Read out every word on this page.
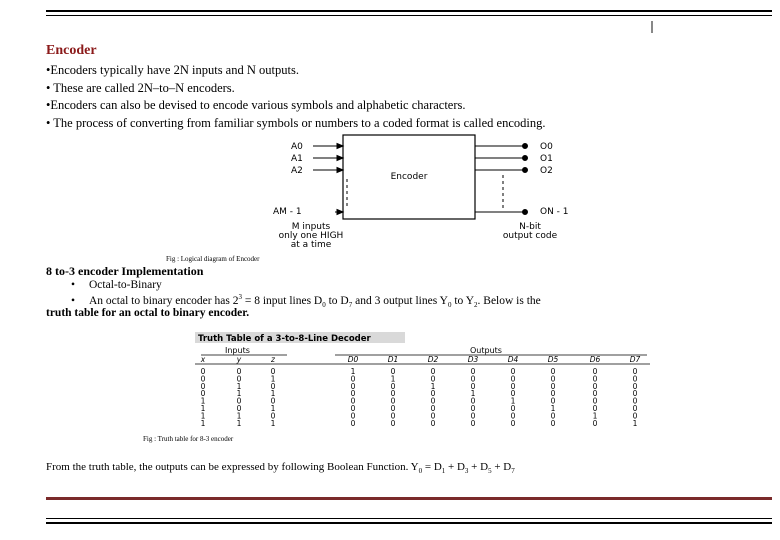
Encoder
•Encoders typically have 2N inputs and N outputs.
• These are called 2N–to–N encoders.
•Encoders can also be devised to encode various symbols and alphabetic characters.
• The process of converting from familiar symbols or numbers to a coded format is called encoding.
Encoder
A0
A1
A2
AM - 1
O0
O1
O2
ON - 1
M inputs
only one HIGH
at a time
N-bit
output code
Fig : Logical diagram of Encoder
8 to-3 encoder Implementation
• Octal-to-Binary
• An octal to binary encoder has $2^3 = 8$ input lines $D_0$ to $D_7$ and 3 output lines $Y_0$ to $Y_2$. Below is the
truth table for an octal to binary encoder.
Truth Table of a 3-to-8-Line Decoder
Inputs	Outputs
x	y	z	D0	D1	D2	D3	D4	D5	D6	D7
0	0	0	1	0	0	0	0	0	0	0
0	0	1	0	1	0	0	0	0	0	0
0	1	0	0	0	1	0	0	0	0	0
0	1	1	0	0	0	1	0	0	0	0
1	0	0	0	0	0	0	1	0	0	0
1	0	1	0	0	0	0	0	1	0	0
1	1	0	0	0	0	0	0	0	1	0
1	1	1	0	0	0	0	0	0	0	1
Fig : Truth table for 8-3 encoder
From the truth table, the outputs can be expressed by following Boolean Function. $Y_0 = D_1 + D_3 + D_5 + D_7$
